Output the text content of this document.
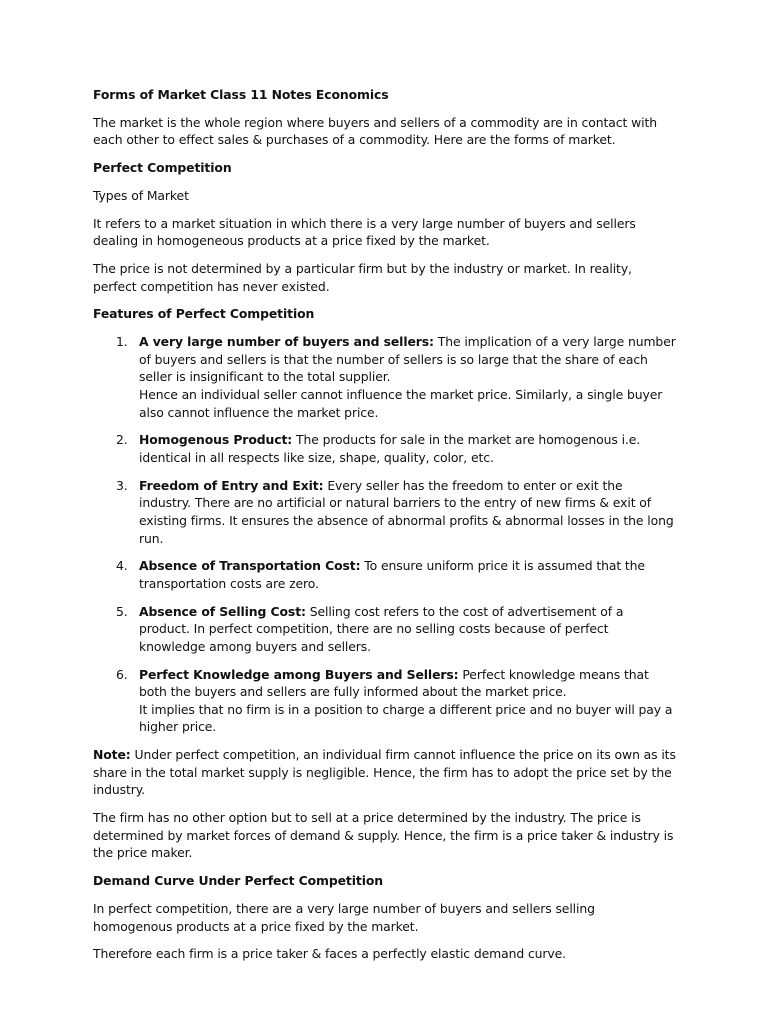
Forms of Market Class 11 Notes Economics

The market is the whole region where buyers and sellers of a commodity are in contact with each other to effect sales & purchases of a commodity. Here are the forms of market.

Perfect Competition

Types of Market

It refers to a market situation in which there is a very large number of buyers and sellers dealing in homogeneous products at a price fixed by the market.

The price is not determined by a particular firm but by the industry or market. In reality, perfect competition has never existed.

Features of Perfect Competition

1. A very large number of buyers and sellers: The implication of a very large number of buyers and sellers is that the number of sellers is so large that the share of each seller is insignificant to the total supplier.
Hence an individual seller cannot influence the market price. Similarly, a single buyer also cannot influence the market price.
2. Homogenous Product: The products for sale in the market are homogenous i.e. identical in all respects like size, shape, quality, color, etc.
3. Freedom of Entry and Exit: Every seller has the freedom to enter or exit the industry. There are no artificial or natural barriers to the entry of new firms & exit of existing firms. It ensures the absence of abnormal profits & abnormal losses in the long run.
4. Absence of Transportation Cost: To ensure uniform price it is assumed that the transportation costs are zero.
5. Absence of Selling Cost: Selling cost refers to the cost of advertisement of a product. In perfect competition, there are no selling costs because of perfect knowledge among buyers and sellers.
6. Perfect Knowledge among Buyers and Sellers: Perfect knowledge means that both the buyers and sellers are fully informed about the market price.
It implies that no firm is in a position to charge a different price and no buyer will pay a higher price.

Note: Under perfect competition, an individual firm cannot influence the price on its own as its share in the total market supply is negligible. Hence, the firm has to adopt the price set by the industry.

The firm has no other option but to sell at a price determined by the industry. The price is determined by market forces of demand & supply. Hence, the firm is a price taker & industry is the price maker.

Demand Curve Under Perfect Competition

In perfect competition, there are a very large number of buyers and sellers selling homogenous products at a price fixed by the market.

Therefore each firm is a price taker & faces a perfectly elastic demand curve.
